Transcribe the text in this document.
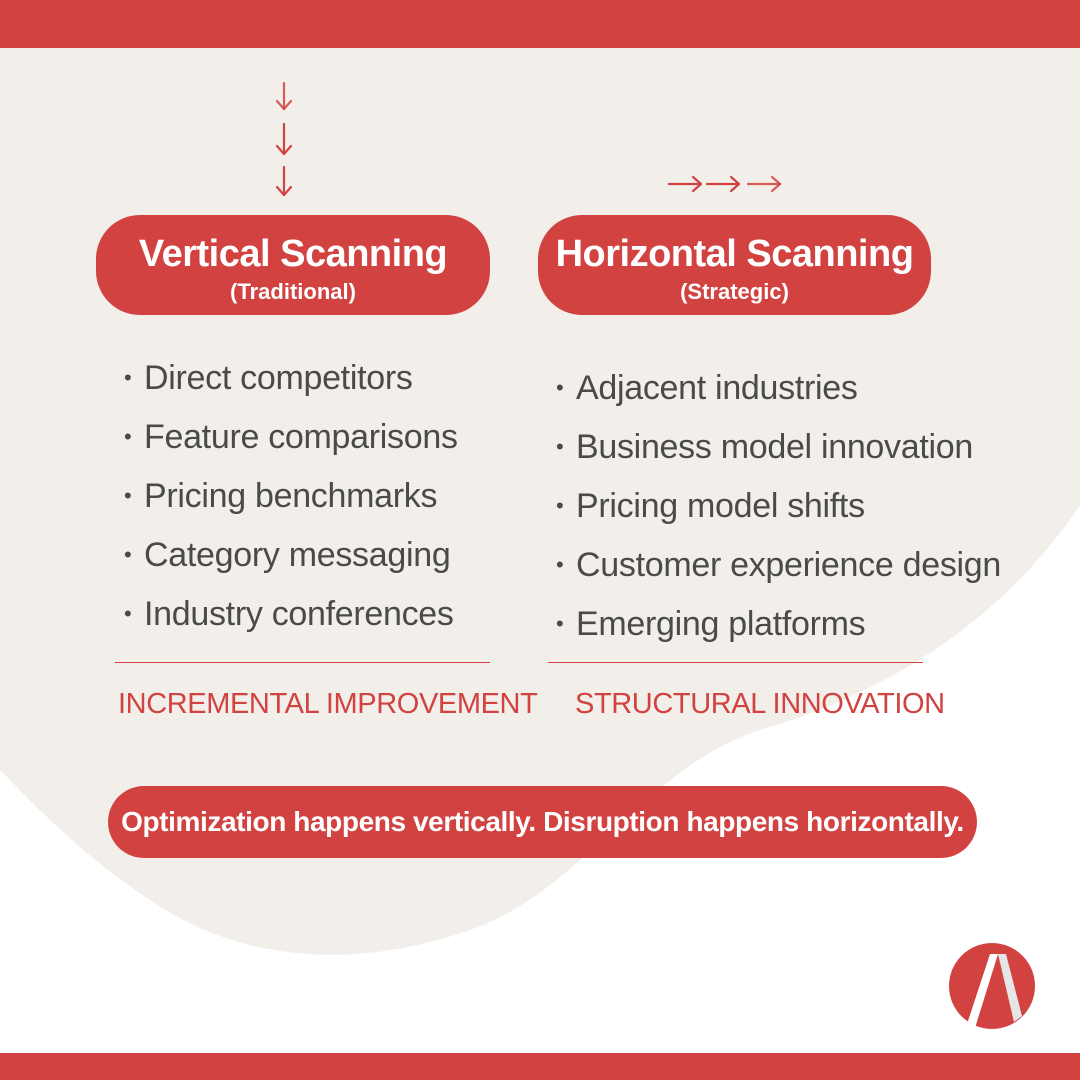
Vertical Scanning
(Traditional)
Horizontal Scanning
(Strategic)
• Direct competitors
• Feature comparisons
• Pricing benchmarks
• Category messaging
• Industry conferences
• Adjacent industries
• Business model innovation
• Pricing model shifts
• Customer experience design
• Emerging platforms
INCREMENTAL IMPROVEMENT STRUCTURAL INNOVATION
Optimization happens vertically. Disruption happens horizontally.
